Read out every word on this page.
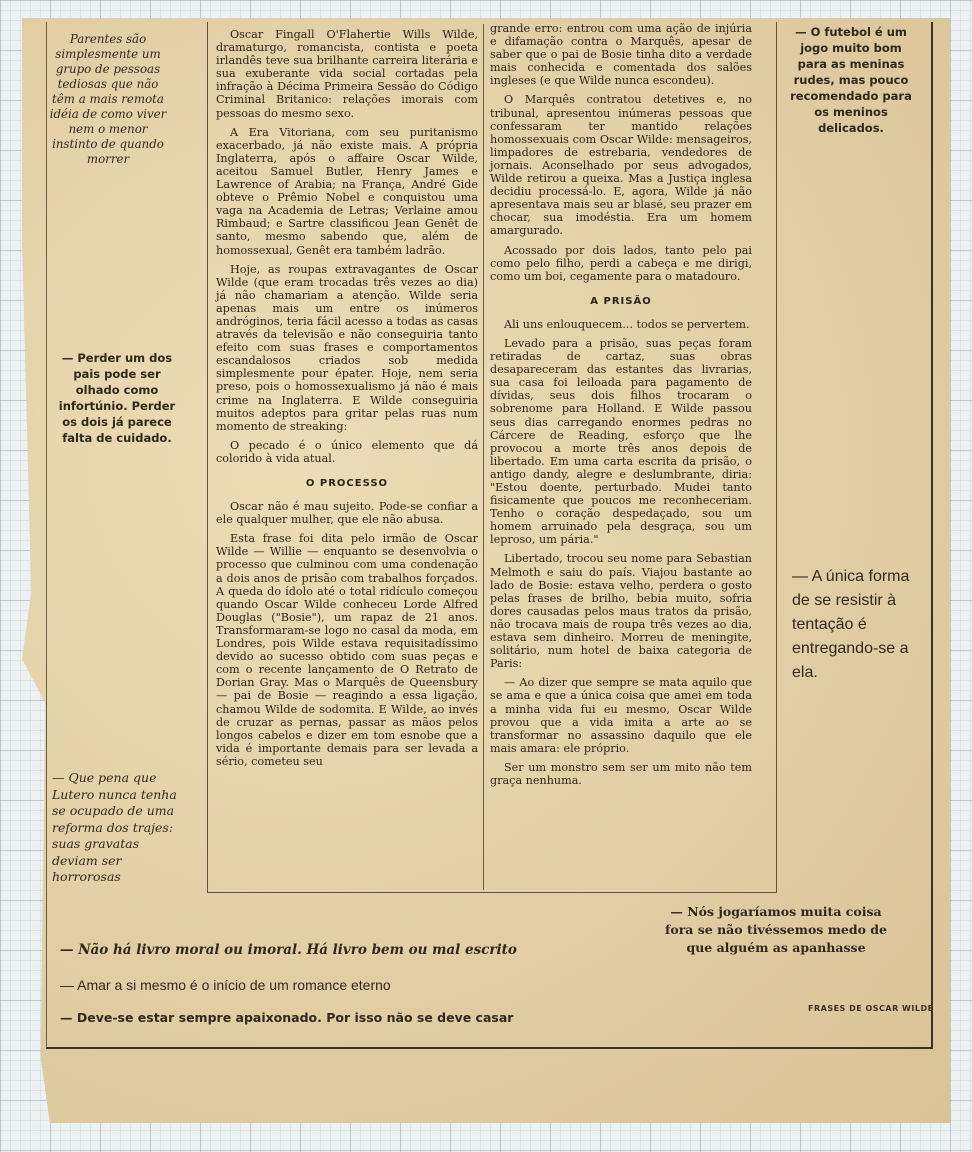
Parentes são simplesmente um grupo de pessoas tediosas que não têm a mais remota idéia de como viver nem o menor instinto de quando morrer
— Perder um dos pais pode ser olhado como infortúnio. Perder os dois já parece falta de cuidado.
— Que pena que Lutero nunca tenha se ocupado de uma reforma dos trajes: suas gravatas deviam ser horrorosas

Oscar Fingall O'Flahertie Wills Wilde, dramaturgo, romancista, contista e poeta irlandês teve sua brilhante carreira literária e sua exuberante vida social cortadas pela infração à Décima Primeira Sessão do Código Criminal Britanico: relações imorais com pessoas do mesmo sexo.

A Era Vitoriana, com seu puritanismo exacerbado, já não existe mais. A própria Inglaterra, após o affaire Oscar Wilde, aceitou Samuel Butler, Henry James e Lawrence of Arabia; na França, André Gide obteve o Prêmio Nobel e conquistou uma vaga na Academia de Letras; Verlaine amou Rimbaud; e Sartre classificou Jean Genêt de santo, mesmo sabendo que, além de homossexual, Genêt era também ladrão.

Hoje, as roupas extravagantes de Oscar Wilde (que eram trocadas três vezes ao dia) já não chamariam a atenção. Wilde seria apenas mais um entre os inúmeros andróginos, teria fácil acesso a todas as casas através da televisão e não conseguiria tanto efeito com suas frases e comportamentos escandalosos criados sob medida simplesmente pour épater. Hoje, nem seria preso, pois o homossexualismo já não é mais crime na Inglaterra. E Wilde conseguiria muitos adeptos para gritar pelas ruas num momento de streaking:

O pecado é o único elemento que dá colorido à vida atual.

O PROCESSO

Oscar não é mau sujeito. Pode-se confiar a ele qualquer mulher, que ele não abusa.

Esta frase foi dita pelo irmão de Oscar Wilde — Willie — enquanto se desenvolvia o processo que culminou com uma condenação a dois anos de prisão com trabalhos forçados. A queda do ídolo até o total ridículo começou quando Oscar Wilde conheceu Lorde Alfred Douglas ("Bosie"), um rapaz de 21 anos. Transformaram-se logo no casal da moda, em Londres, pois Wilde estava requisitadíssimo devido ao sucesso obtido com suas peças e com o recente lançamento de O Retrato de Dorian Gray. Mas o Marquês de Queensbury — pai de Bosie — reagindo a essa ligação, chamou Wilde de sodomita. E Wilde, ao invés de cruzar as pernas, passar as mãos pelos longos cabelos e dizer em tom esnobe que a vida é importante demais para ser levada a sério, cometeu seu

grande erro: entrou com uma ação de injúria e difamação contra o Marquês, apesar de saber que o pai de Bosie tinha dito a verdade mais conhecida e comentada dos salões ingleses (e que Wilde nunca escondeu).

O Marquês contratou detetives e, no tribunal, apresentou inúmeras pessoas que confessaram ter mantido relações homossexuais com Oscar Wilde: mensageiros, limpadores de estrebaria, vendedores de jornais. Aconselhado por seus advogados, Wilde retirou a queixa. Mas a Justiça inglesa decidiu processá-lo. E, agora, Wilde já não apresentava mais seu ar blasé, seu prazer em chocar, sua imodéstia. Era um homem amargurado.

Acossado por dois lados, tanto pelo pai como pelo filho, perdi a cabeça e me dirigi, como um boi, cegamente para o matadouro.

A PRISÃO

Ali uns enlouquecem... todos se pervertem.

Levado para a prisão, suas peças foram retiradas de cartaz, suas obras desapareceram das estantes das livrarias, sua casa foi leiloada para pagamento de dívidas, seus dois filhos trocaram o sobrenome para Holland. E Wilde passou seus dias carregando enormes pedras no Cárcere de Reading, esforço que lhe provocou a morte três anos depois de libertado. Em uma carta escrita da prisão, o antigo dandy, alegre e deslumbrante, diria: "Estou doente, perturbado. Mudei tanto fisicamente que poucos me reconheceriam. Tenho o coração despedaçado, sou um homem arruinado pela desgraça, sou um leproso, um pária."

Libertado, trocou seu nome para Sebastian Melmoth e saiu do país. Viajou bastante ao lado de Bosie: estava velho, perdera o gosto pelas frases de brilho, bebia muito, sofria dores causadas pelos maus tratos da prisão, não trocava mais de roupa três vezes ao dia, estava sem dinheiro. Morreu de meningite, solitário, num hotel de baixa categoria de Paris:

— Ao dizer que sempre se mata aquilo que se ama e que a única coisa que amei em toda a minha vida fui eu mesmo, Oscar Wilde provou que a vida imita a arte ao se transformar no assassino daquilo que ele mais amara: ele próprio.

Ser um monstro sem ser um mito não tem graça nenhuma.

— O futebol é um jogo muito bom para as meninas rudes, mas pouco recomendado para os meninos delicados.
— A única forma de se resistir à tentação é entregando-se a ela.
— Nós jogaríamos muita coisa fora se não tivéssemos medo de que alguém as apanhasse
— Não há livro moral ou imoral. Há livro bem ou mal escrito
— Amar a si mesmo é o início de um romance eterno
— Deve-se estar sempre apaixonado. Por isso não se deve casar
FRASES DE OSCAR WILDE
